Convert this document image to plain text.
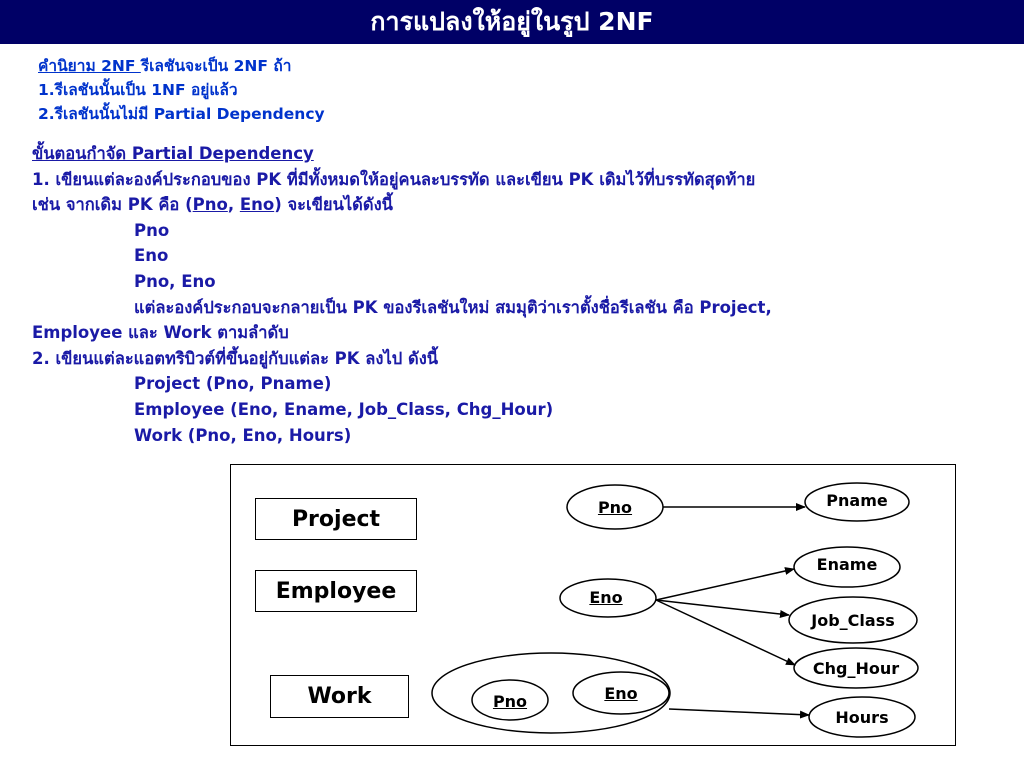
การแปลงให้อยู่ในรูป 2NF
คำนิยาม 2NF รีเลชันจะเป็น 2NF ถ้า
1.รีเลชันนั้นเป็น 1NF อยู่แล้ว
2.รีเลชันนั้นไม่มี Partial Dependency
ขั้นตอนกำจัด Partial Dependency
1. เขียนแต่ละองค์ประกอบของ PK ที่มีทั้งหมดให้อยู่คนละบรรทัด และเขียน PK เดิมไว้ที่บรรทัดสุดท้าย
เช่น จากเดิม PK คือ (Pno, Eno) จะเขียนได้ดังนี้
Pno
Eno
Pno, Eno
แต่ละองค์ประกอบจะกลายเป็น PK ของรีเลชันใหม่ สมมุติว่าเราตั้งชื่อรีเลชัน คือ Project,
Employee และ Work ตามลำดับ
2. เขียนแต่ละแอตทริบิวต์ที่ขึ้นอยู่กับแต่ละ PK ลงไป ดังนี้
Project (Pno, Pname)
Employee (Eno, Ename, Job_Class, Chg_Hour)
Work (Pno, Eno, Hours)
Project
Employee
Work
Pno	Pname
Eno
Ename
Job_Class
Chg_Hour
Pno	Eno
Hours
